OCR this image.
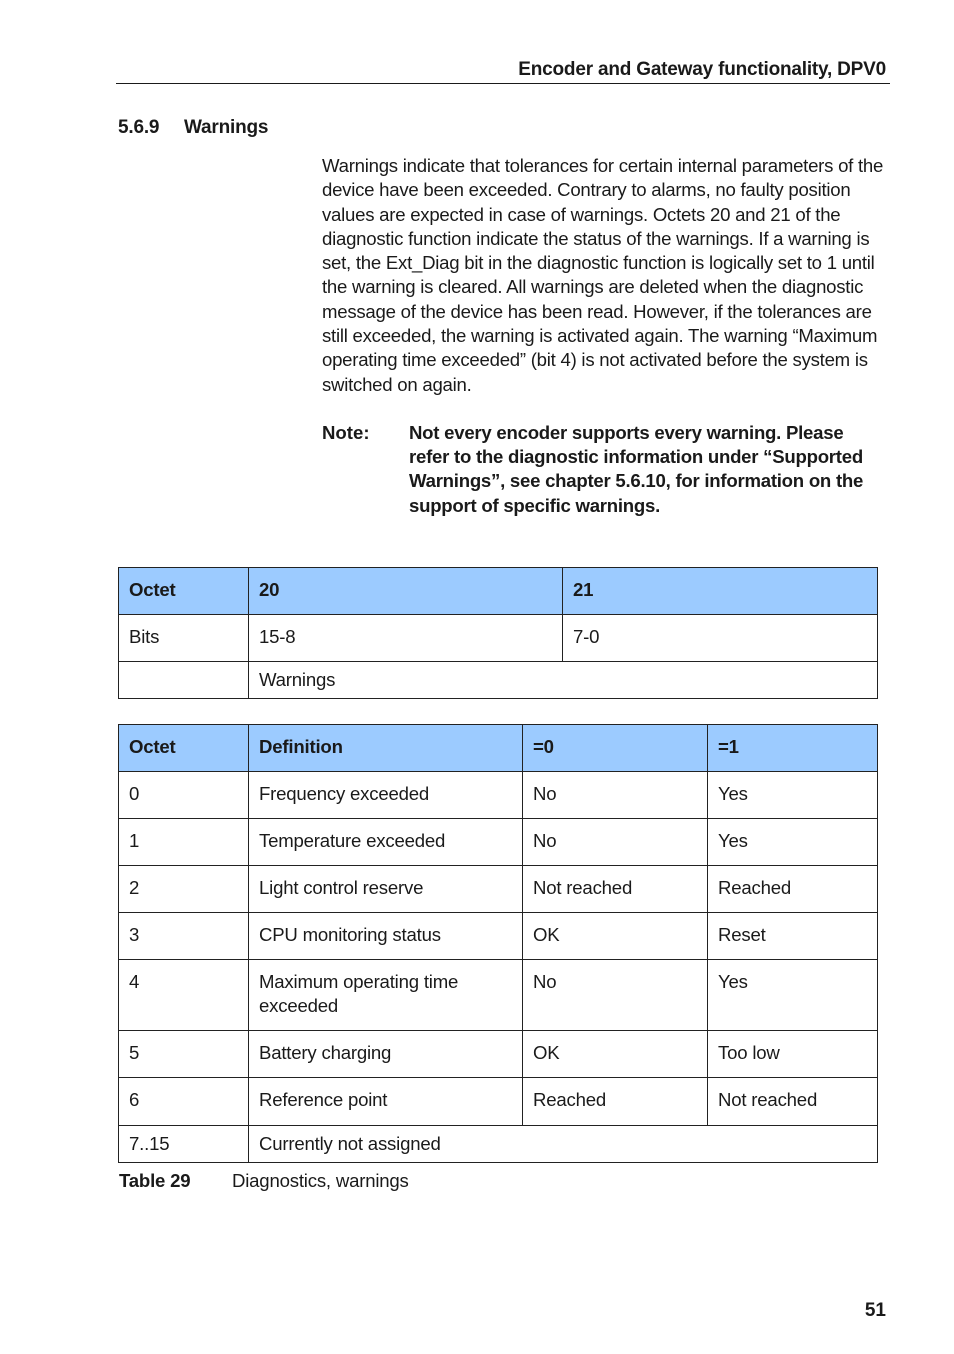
Encoder and Gateway functionality, DPV0
5.6.9 Warnings

Warnings indicate that tolerances for certain internal parameters of the device have been exceeded. Contrary to alarms, no faulty position values are expected in case of warnings. Octets 20 and 21 of the diagnostic function indicate the status of the warnings. If a warning is set, the Ext_Diag bit in the diagnostic function is logically set to 1 until the warning is cleared. All warnings are deleted when the diagnostic message of the device has been read. However, if the tolerances are still exceeded, the warning is activated again. The warning “Maximum operating time exceeded” (bit 4) is not activated before the system is switched on again.

Note: Not every encoder supports every warning. Please refer to the diagnostic information under “Supported Warnings”, see chapter 5.6.10, for information on the support of specific warnings.

Octet	20	21
Bits	15-8	7-0
	Warnings	
Octet	Definition	=0	=1
0	Frequency exceeded	No	Yes
1	Temperature exceeded	No	Yes
2	Light control reserve	Not reached	Reached
3	CPU monitoring status	OK	Reset
4	Maximum operating time exceeded	No	Yes
5	Battery charging	OK	Too low
6	Reference point	Reached	Not reached
7..15	Currently not assigned		
Table 29 Diagnostics, warnings
51
